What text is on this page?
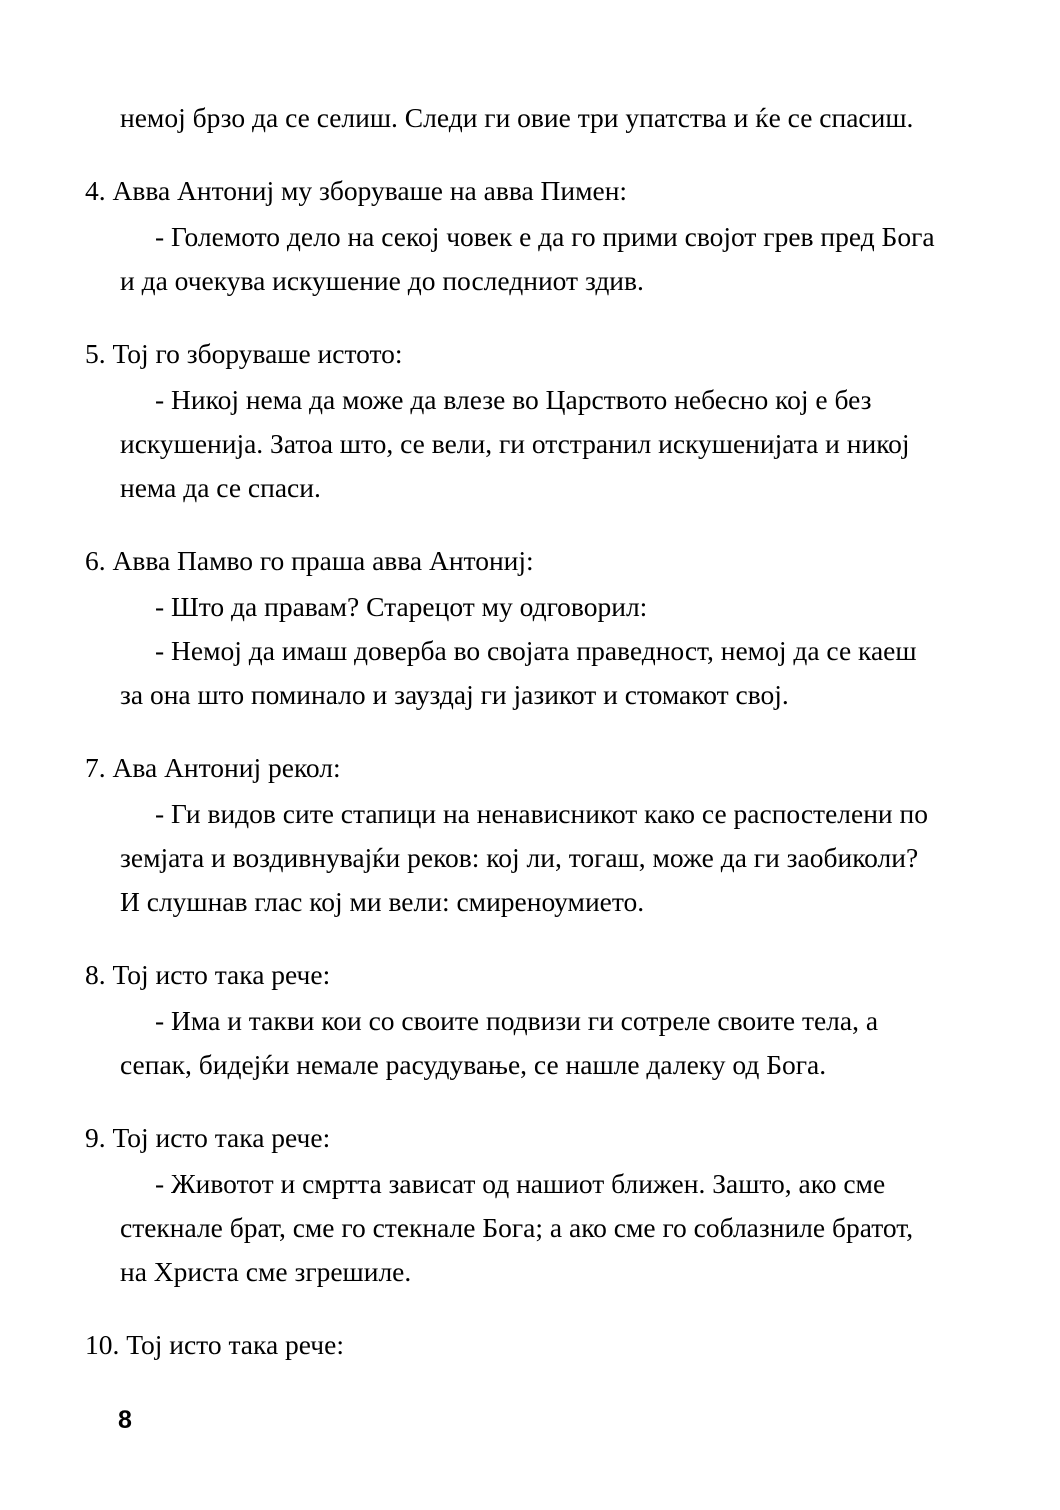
немој брзо да се селиш. Следи ги овие три упатства и ќе се спасиш.

4. Авва Антониј му зборуваше на авва Пимен:

- Големото дело на секој човек е да го прими својот грев пред Бога и да очекува искушение до последниот здив.

5. Тој го зборуваше истото:

- Никој нема да може да влезе во Царството небесно кој е без искушенија. Затоа што, се вели, ги отстранил искушенијата и никој нема да се спаси.

6. Авва Памво го праша авва Антониј:

- Што да правам? Старецот му одговорил:

- Немој да имаш доверба во својата праведност, немој да се каеш за она што поминало и зауздај ги јазикот и стомакот свој.

7. Ава Антониј рекол:

- Ги видов сите стапици на ненависникот како се распостелени по земјата и воздивнувајќи реков: кој ли, тогаш, може да ги заобиколи? И слушнав глас кој ми вели: смиреноумието.

8. Тој исто така рече:

- Има и такви кои со своите подвизи ги сотреле своите тела, а сепак, бидејќи немале расудување, се нашле далеку од Бога.

9. Тој исто така рече:

- Животот и смртта зависат од нашиот ближен. Зашто, ако сме стекнале брат, сме го стекнале Бога; а ако сме го соблазниле братот, на Христа сме згрешиле.

10. Тој исто така рече:

8
